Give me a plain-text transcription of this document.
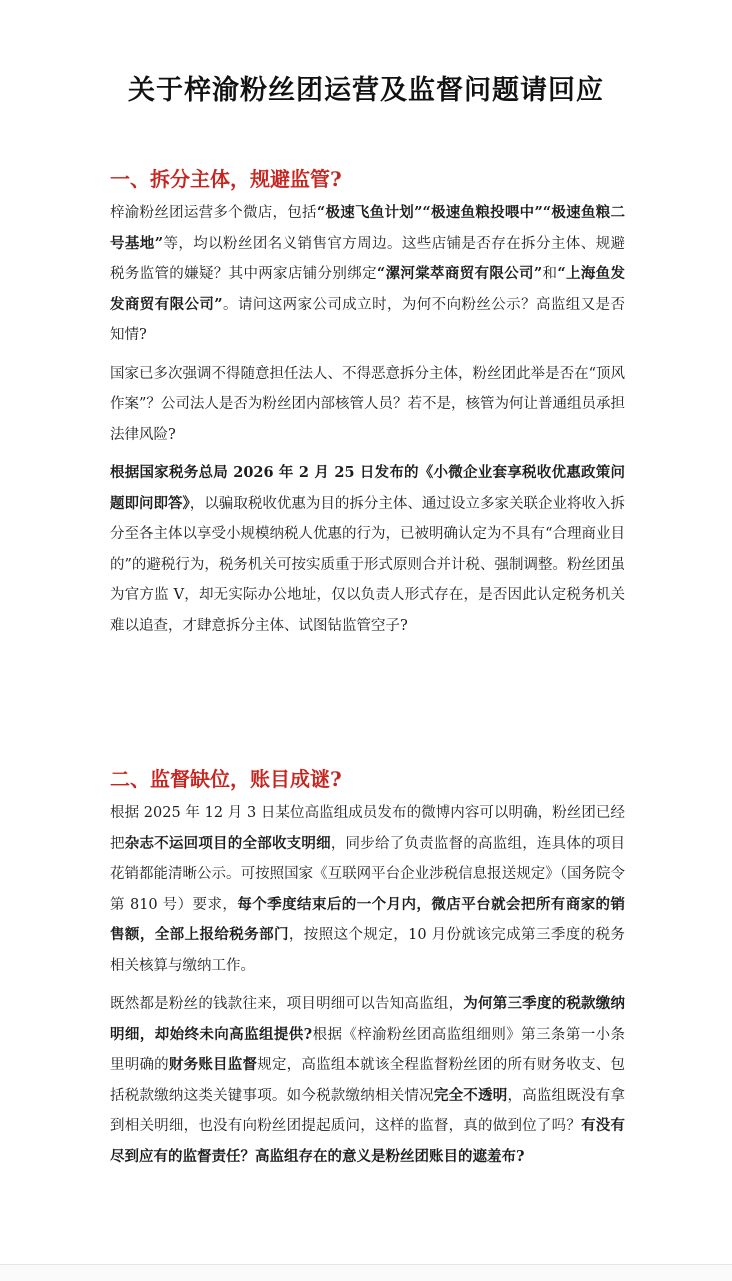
关于梓渝粉丝团运营及监督问题请回应
一、拆分主体，规避监管?

梓渝粉丝团运营多个微店，包括“极速飞鱼计划”“极速鱼粮投喂中”“极速鱼粮二号基地”等，均以粉丝团名义销售官方周边。这些店铺是否存在拆分主体、规避税务监管的嫌疑？其中两家店铺分别绑定“漯河棠萃商贸有限公司”和“上海鱼发发商贸有限公司”。请问这两家公司成立时，为何不向粉丝公示？高监组又是否知情?

国家已多次强调不得随意担任法人、不得恶意拆分主体，粉丝团此举是否在“顶风作案”？公司法人是否为粉丝团内部核管人员？若不是，核管为何让普通组员承担法律风险?

根据国家税务总局 2026 年 2 月 25 日发布的《小微企业套享税收优惠政策问题即问即答》，以骗取税收优惠为目的拆分主体、通过设立多家关联企业将收入拆分至各主体以享受小规模纳税人优惠的行为，已被明确认定为不具有“合理商业目的”的避税行为，税务机关可按实质重于形式原则合并计税、强制调整。粉丝团虽为官方监 V，却无实际办公地址，仅以负责人形式存在，是否因此认定税务机关难以追查，才肆意拆分主体、试图钻监管空子?

二、监督缺位，账目成谜?

根据 2025 年 12 月 3 日某位高监组成员发布的微博内容可以明确，粉丝团已经把杂志不运回项目的全部收支明细，同步给了负责监督的高监组，连具体的项目花销都能清晰公示。可按照国家《互联网平台企业涉税信息报送规定》（国务院令第 810 号）要求，每个季度结束后的一个月内，微店平台就会把所有商家的销售额，全部上报给税务部门，按照这个规定，10 月份就该完成第三季度的税务相关核算与缴纳工作。

既然都是粉丝的钱款往来，项目明细可以告知高监组，为何第三季度的税款缴纳明细，却始终未向高监组提供?根据《梓渝粉丝团高监组细则》第三条第一小条里明确的财务账目监督规定，高监组本就该全程监督粉丝团的所有财务收支、包括税款缴纳这类关键事项。如今税款缴纳相关情况完全不透明，高监组既没有拿到相关明细，也没有向粉丝团提起质问，这样的监督，真的做到位了吗？有没有尽到应有的监督责任？高监组存在的意义是粉丝团账目的遮羞布?
